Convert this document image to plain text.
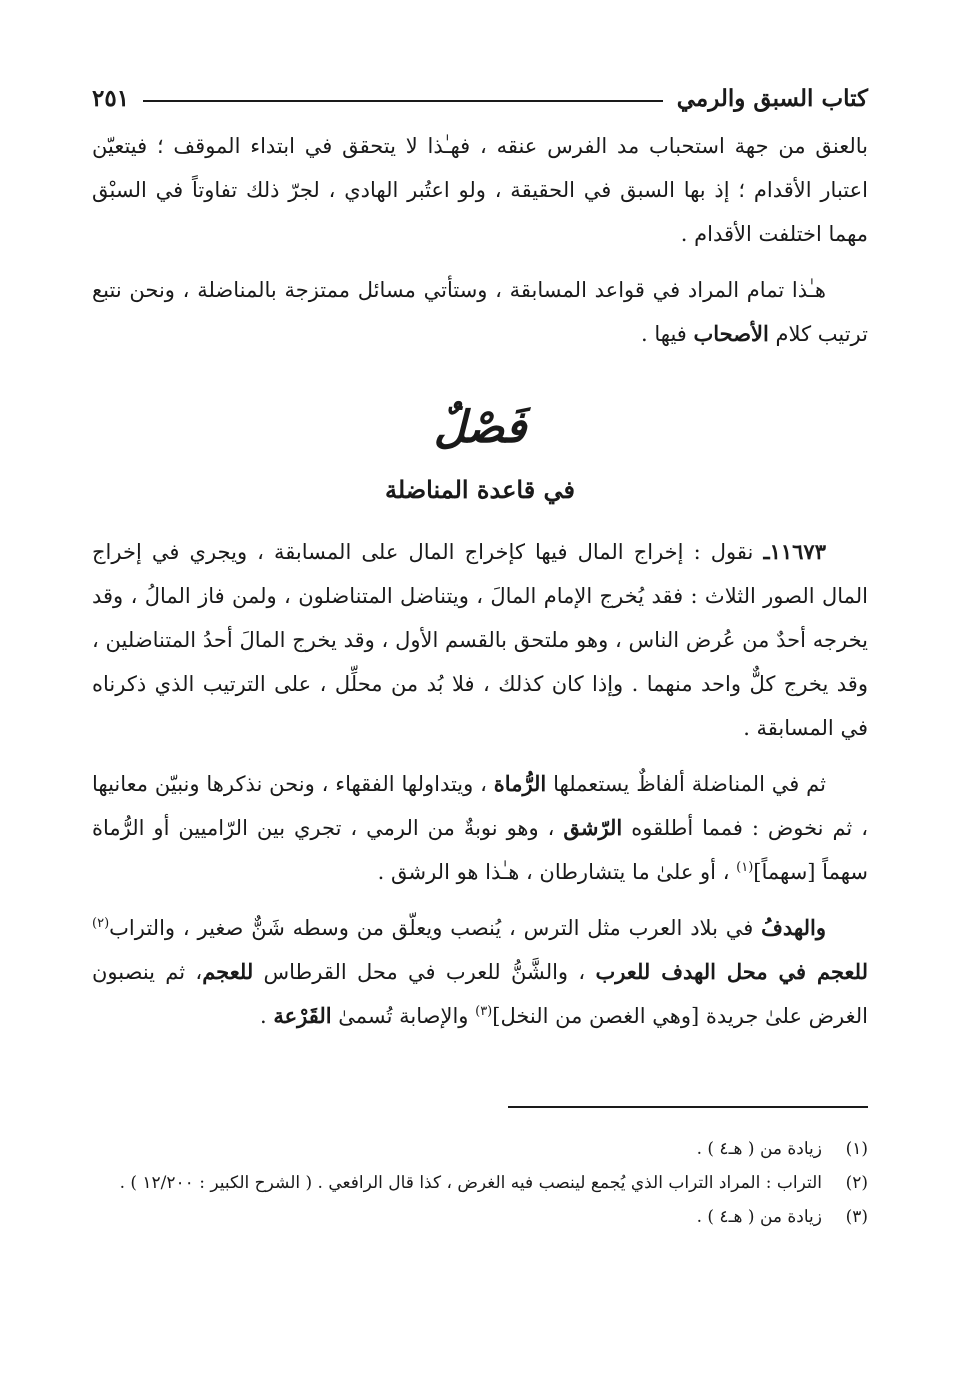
كتاب السبق والرمي
٢٥١

بالعنق من جهة استحباب مد الفرس عنقه ، فهـٰذا لا يتحقق في ابتداء الموقف ؛ فيتعيّن اعتبار الأقدام ؛ إذ بها السبق في الحقيقة ، ولو اعتُبر الهادي ، لجرّ ذلك تفاوتاً في السبْق مهما اختلفت الأقدام .

هـٰذا تمام المراد في قواعد المسابقة ، وستأتي مسائل ممتزجة بالمناضلة ، ونحن نتبع ترتيب كلام الأصحاب فيها .

فَصْلٌ
في قاعدة المناضلة

١١٦٧٣ـ نقول : إخراج المال فيها كإخراج المال على المسابقة ، ويجري في إخراج المال الصور الثلاث : فقد يُخرج الإمام المالَ ، ويتناضل المتناضلون ، ولمن فاز المالُ ، وقد يخرجه أحدٌ من عُرض الناس ، وهو ملتحق بالقسم الأول ، وقد يخرج المالَ أحدُ المتناضلين ، وقد يخرج كلٌّ واحد منهما . وإذا كان كذلك ، فلا بُد من محلِّل ، على الترتيب الذي ذكرناه في المسابقة .

ثم في المناضلة ألفاظٌ يستعملها الرُّماة ، ويتداولها الفقهاء ، ونحن نذكرها ونبيّن معانيها ، ثم نخوض : فمما أطلقوه الرّشق ، وهو نوبةٌ من الرمي ، تجري بين الرّاميين أو الرُّماة سهماً [سهماً]$^{(١)}$ ، أو علىٰ ما يتشارطان ، هـٰذا هو الرشق .

والهدفُ في بلاد العرب مثل الترس ، يُنصب ويعلّق من وسطه شَنٌّ صغير ، والتراب$^{(٢)}$ للعجم في محل الهدف للعرب ، والشَّنُّ للعرب في محل القرطاس للعجم، ثم ينصبون الغرض علىٰ جريدة [وهي الغصن من النخل]$^{(٣)}$ والإصابة تُسمىٰ القَرْعة .

(١)
زيادة من ( هـ٤ ) .
(٢)
التراب : المراد التراب الذي يُجمع لينصب فيه الغرض ، كذا قال الرافعي . ( الشرح الكبير : ١٢/٢٠٠ ) .
(٣)
زيادة من ( هـ٤ ) .
